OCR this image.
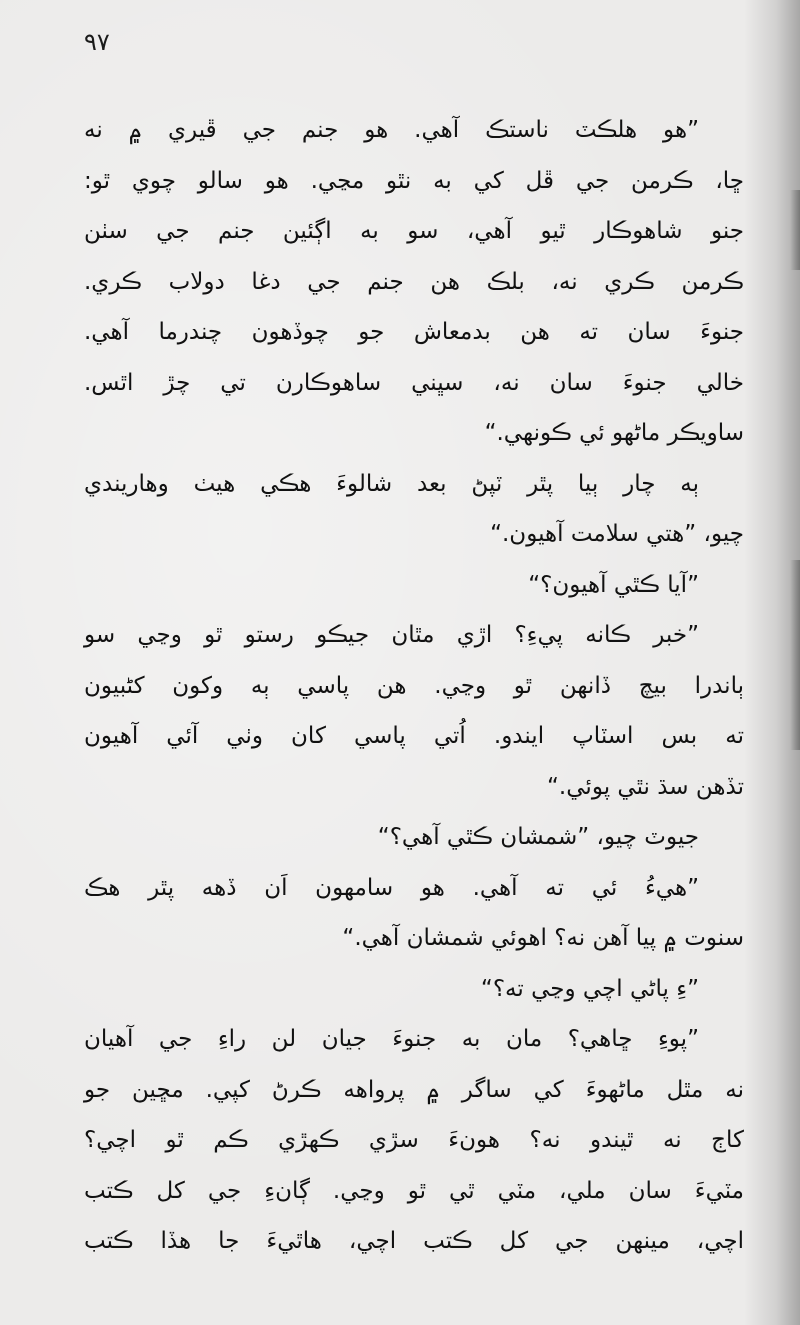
٩٧
”هو هلڪٽ ناستڪ آهي. هو جنم جي ڦيري ۾ نه
ڇا، ڪرمن جي ڦل کي به نٿو مڃي. هو سالو چوي ٿو:
جنو شاهوڪار ٿيو آهي، سو به اڳئين جنم جي سٺن
ڪرمن ڪري نه، بلڪ هن جنم جي دغا دولاب ڪري.
جنوءَ سان ته هن بدمعاش جو چوڏهون چندرما آهي.
خالي جنوءَ سان نه، سڀني ساهوڪارن تي چڙ اٿس.
ساويڪر ماڻهو ئي ڪونهي.“
ٻه چار ٻيا پٿر ٽپڻ بعد شالوءَ هڪي هيٺ وهاريندي
چيو، ”هتي سلامت آهيون.“
”آيا ڪٿي آهيون؟“
”خبر ڪانه پيءِ؟ اڙي مٿان جيڪو رستو ٿو وڃي سو
ٻاندرا بيچ ڏانهن ٿو وڃي. هن پاسي ٻه وکون کڻبيون
ته بس اسٽاپ ايندو. اُتي پاسي کان وٺي آئي آهيون
تڏهن سڌ نٿي پوئي.“
جيوٽ چيو، ”شمشان ڪٿي آهي؟“
”هيءُ ئي ته آهي. هو سامهون اَن ڏهه پٿر هڪ
سنوت ۾ پيا آهن نه؟ اهوئي شمشان آهي.“
”ءِ پاڻي اچي وڃي ته؟“
”پوءِ ڇاهي؟ مان به جنوءَ جيان لن راءِ جي آهيان
نه مٿل ماڻهوءَ کي ساگر ۾ پرواهه ڪرڻ کپي. مڇين جو
کاڄ نه ٿيندو نه؟ هونءَ سڙي ڪهڙي ڪم ٿو اچي؟
مٽيءَ سان ملي، مٽي ٿي ٿو وڃي. ڳانءِ جي کل ڪتب
اچي، مينهن جي کل ڪتب اچي، هاٿيءَ جا هڏا ڪتب
